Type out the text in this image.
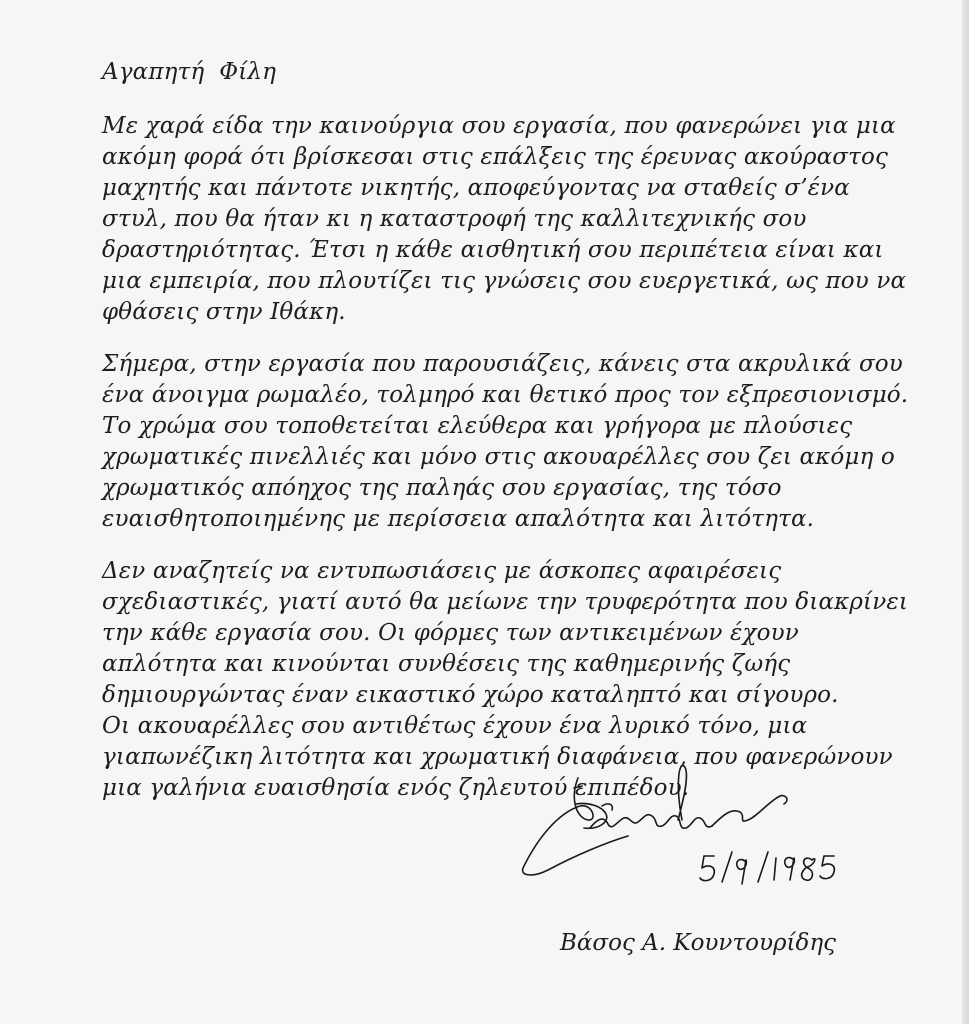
Αγαπητή  Φίλη
Με χαρά είδα την καινούργια σου εργασία, που φανερώνει για μια
ακόμη φορά ότι βρίσκεσαι στις επάλξεις της έρευνας ακούραστος
μαχητής και πάντοτε νικητής, αποφεύγοντας να σταθείς σ’ένα
στυλ, που θα ήταν κι η καταστροφή της καλλιτεχνικής σου
δραστηριότητας. Έτσι η κάθε αισθητική σου περιπέτεια είναι και
μια εμπειρία, που πλουτίζει τις γνώσεις σου ευεργετικά, ως που να
φθάσεις στην Ιθάκη.
Σήμερα, στην εργασία που παρουσιάζεις, κάνεις στα ακρυλικά σου
ένα άνοιγμα ρωμαλέο, τολμηρό και θετικό προς τον εξπρεσιονισμό.
Το χρώμα σου τοποθετείται ελεύθερα και γρήγορα με πλούσιες
χρωματικές πινελλιές και μόνο στις ακουαρέλλες σου ζει ακόμη ο
χρωματικός απόηχος της παληάς σου εργασίας, της τόσο
ευαισθητοποιημένης με περίσσεια απαλότητα και λιτότητα.
Δεν αναζητείς να εντυπωσιάσεις με άσκοπες αφαιρέσεις
σχεδιαστικές, γιατί αυτό θα μείωνε την τρυφερότητα που διακρίνει
την κάθε εργασία σου. Οι φόρμες των αντικειμένων έχουν
απλότητα και κινούνται συνθέσεις της καθημερινής ζωής
δημιουργώντας έναν εικαστικό χώρο καταληπτό και σίγουρο.
Οι ακουαρέλλες σου αντιθέτως έχουν ένα λυρικό τόνο, μια
γιαπωνέζικη λιτότητα και χρωματική διαφάνεια, που φανερώνουν
μια γαλήνια ευαισθησία ενός ζηλευτού επιπέδου.
Βάσος Α. Κουντουρίδης
